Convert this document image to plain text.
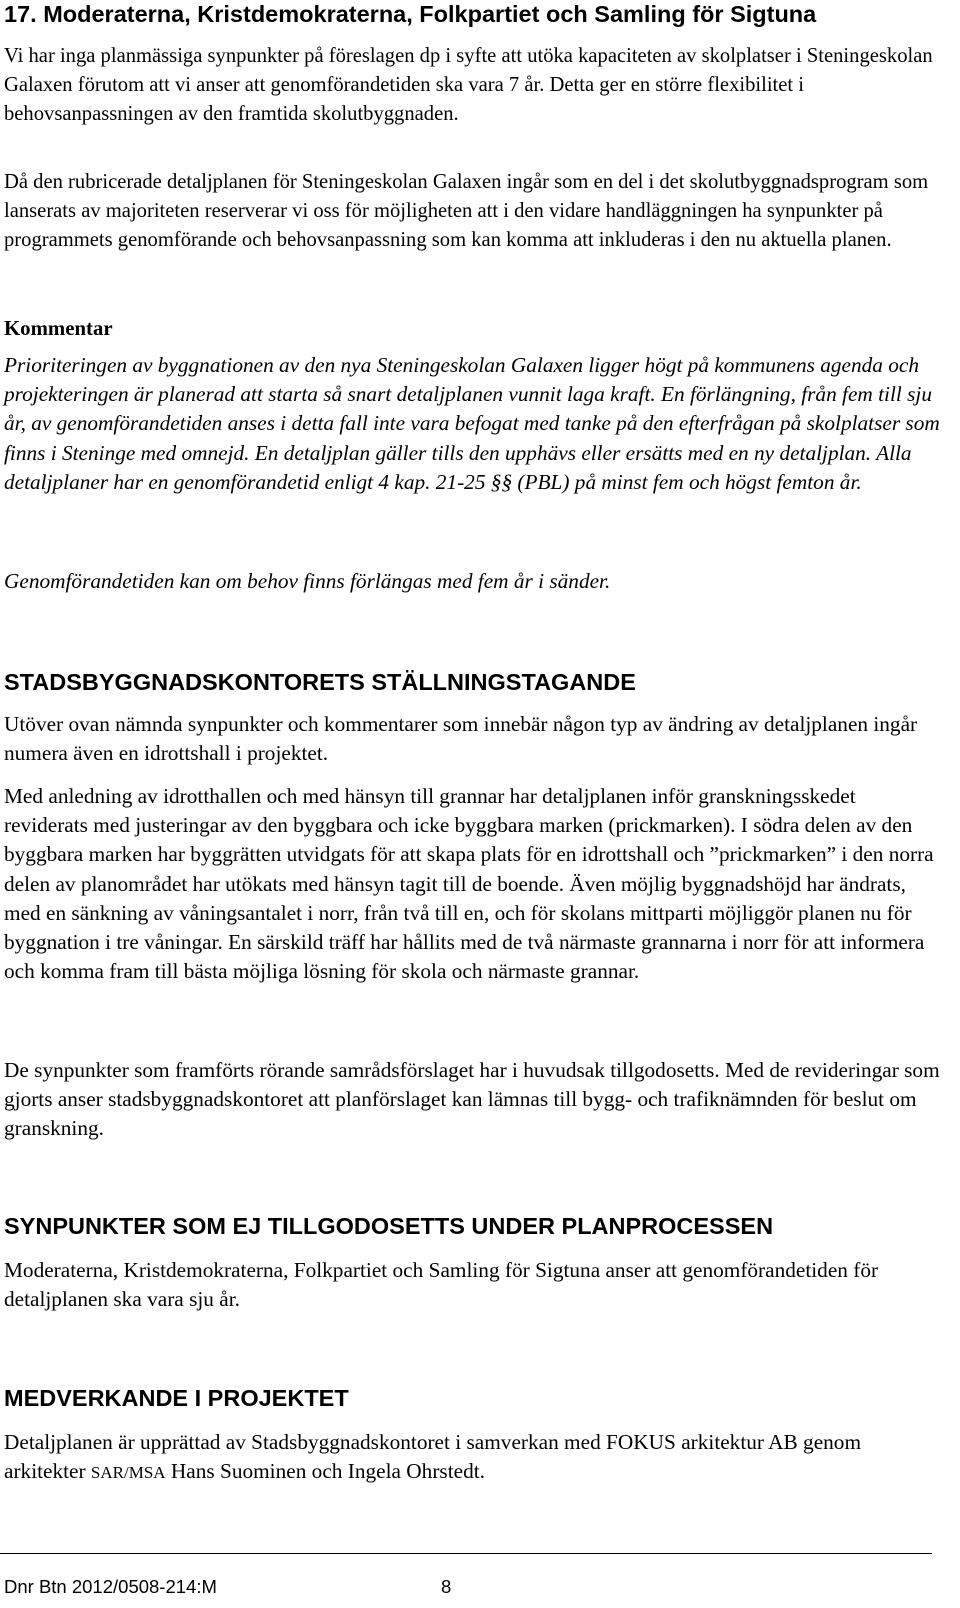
17. Moderaterna, Kristdemokraterna, Folkpartiet och Samling för Sigtuna

Vi har inga planmässiga synpunkter på föreslagen dp i syfte att utöka kapaciteten av skolplatser i Steningeskolan Galaxen förutom att vi anser att genomförandetiden ska vara 7 år. Detta ger en större flexibilitet i behovsanpassningen av den framtida skolutbyggnaden.

Då den rubricerade detaljplanen för Steningeskolan Galaxen ingår som en del i det skolutbyggnadsprogram som lanserats av majoriteten reserverar vi oss för möjligheten att i den vidare handläggningen ha synpunkter på programmets genomförande och behovsanpassning som kan komma att inkluderas i den nu aktuella planen.

Kommentar

Prioriteringen av byggnationen av den nya Steningeskolan Galaxen ligger högt på kommunens agenda och projekteringen är planerad att starta så snart detaljplanen vunnit laga kraft. En förlängning, från fem till sju år, av genomförandetiden anses i detta fall inte vara befogat med tanke på den efterfrågan på skolplatser som finns i Steninge med omnejd. En detaljplan gäller tills den upphävs eller ersätts med en ny detaljplan. Alla detaljplaner har en genomförandetid enligt 4 kap. 21-25 §§ (PBL) på minst fem och högst femton år.

Genomförandetiden kan om behov finns förlängas med fem år i sänder.

STADSBYGGNADSKONTORETS STÄLLNINGSTAGANDE

Utöver ovan nämnda synpunkter och kommentarer som innebär någon typ av ändring av detaljplanen ingår numera även en idrottshall i projektet.

Med anledning av idrotthallen och med hänsyn till grannar har detaljplanen inför granskningsskedet reviderats med justeringar av den byggbara och icke byggbara marken (prickmarken). I södra delen av den byggbara marken har byggrätten utvidgats för att skapa plats för en idrottshall och ”prickmarken” i den norra delen av planområdet har utökats med hänsyn tagit till de boende. Även möjlig byggnadshöjd har ändrats, med en sänkning av våningsantalet i norr, från två till en, och för skolans mittparti möjliggör planen nu för byggnation i tre våningar. En särskild träff har hållits med de två närmaste grannarna i norr för att informera och komma fram till bästa möjliga lösning för skola och närmaste grannar.

De synpunkter som framförts rörande samrådsförslaget har i huvudsak tillgodosetts. Med de revideringar som gjorts anser stadsbyggnadskontoret att planförslaget kan lämnas till bygg- och trafiknämnden för beslut om granskning.

SYNPUNKTER SOM EJ TILLGODOSETTS UNDER PLANPROCESSEN

Moderaterna, Kristdemokraterna, Folkpartiet och Samling för Sigtuna anser att genomförandetiden för detaljplanen ska vara sju år.

MEDVERKANDE I PROJEKTET

Detaljplanen är upprättad av Stadsbyggnadskontoret i samverkan med FOKUS arkitektur AB genom arkitekter SAR/MSA Hans Suominen och Ingela Ohrstedt.

Dnr Btn 2012/0508-214:M	8
